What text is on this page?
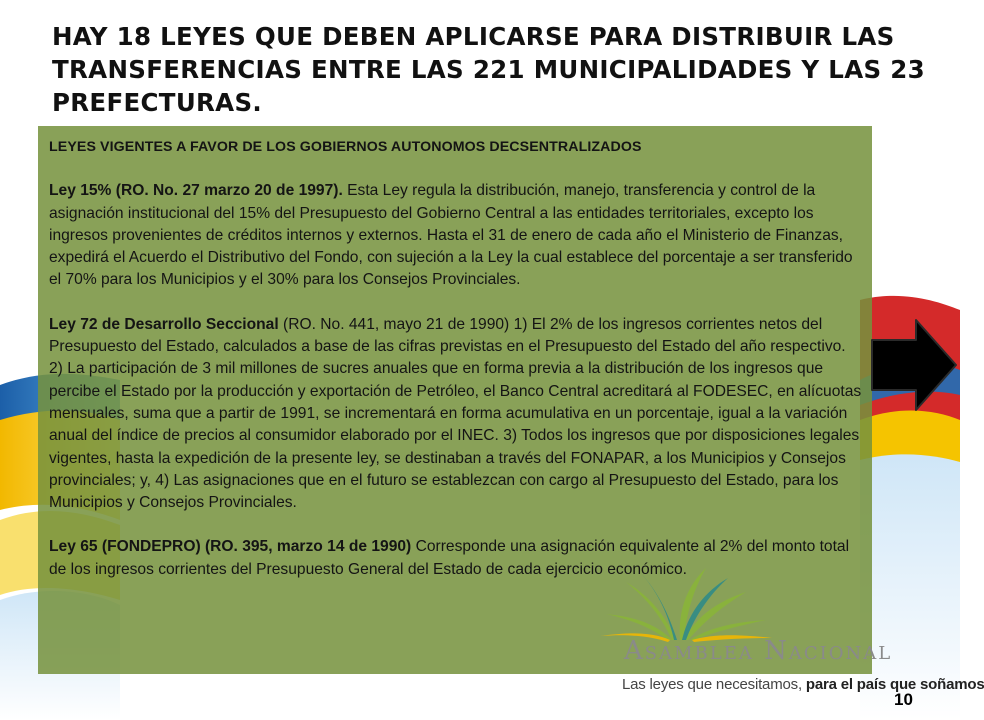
HAY 18 LEYES QUE DEBEN APLICARSE PARA DISTRIBUIR LAS TRANSFERENCIAS ENTRE LAS 221 MUNICIPALIDADES Y LAS 23 PREFECTURAS.

LEYES VIGENTES A FAVOR DE LOS GOBIERNOS AUTONOMOS DECSENTRALIZADOS

Ley 15% (RO. No. 27 marzo 20 de 1997). Esta Ley regula la distribución, manejo, transferencia y control de la asignación institucional del 15% del Presupuesto del Gobierno Central a las entidades territoriales, excepto los ingresos provenientes de créditos internos y externos. Hasta el 31 de enero de cada año el Ministerio de Finanzas, expedirá el Acuerdo el Distributivo del Fondo, con sujeción a la Ley la cual establece del porcentaje a ser transferido el 70% para los Municipios y el 30% para los Consejos Provinciales.

Ley 72 de Desarrollo Seccional (RO. No. 441, mayo 21 de 1990) 1) El 2% de los ingresos corrientes netos del Presupuesto del Estado, calculados a base de las cifras previstas en el Presupuesto del Estado del año respectivo. 2) La participación de 3 mil millones de sucres anuales que en forma previa a la distribución de los ingresos que percibe el Estado por la producción y exportación de Petróleo, el Banco Central acreditará al FODESEC, en alícuotas mensuales, suma que a partir de 1991, se incrementará en forma acumulativa en un porcentaje, igual a la variación anual del índice de precios al consumidor elaborado por el INEC. 3) Todos los ingresos que por disposiciones legales vigentes, hasta la expedición de la presente ley, se destinaban a través del FONAPAR, a los Municipios y Consejos provinciales; y, 4) Las asignaciones que en el futuro se establezcan con cargo al Presupuesto del Estado, para los Municipios y Consejos Provinciales.

Ley 65 (FONDEPRO) (RO. 395, marzo 14 de 1990) Corresponde una asignación equivalente al 2% del monto total de los ingresos corrientes del Presupuesto General del Estado de cada ejercicio económico.

Asamblea Nacional
Las leyes que necesitamos, para el país que soñamos
10
